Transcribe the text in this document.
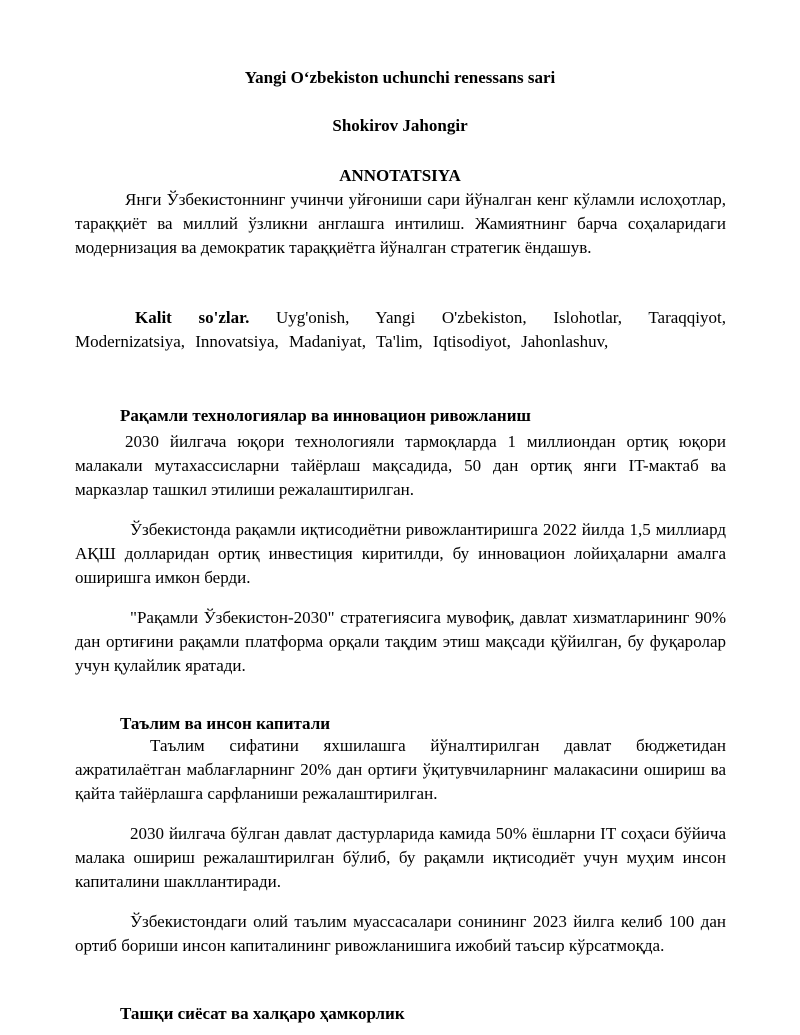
Yangi O‘zbekiston uchunchi renessans sari
Shokirov Jahongir
ANNOTATSIYA
Янги Ўзбекистоннинг учинчи уйғониши сари йўналган кенг кўламли ислоҳотлар, тараққиёт ва миллий ўзликни англашга интилиш. Жамиятнинг барча соҳаларидаги модернизация ва демократик тараққиётга йўналган стратегик ёндашув.
Kalit so'zlar. Uyg'onish, Yangi O'zbekiston, Islohotlar, Taraqqiyot, Modernizatsiya, Innovatsiya, Madaniyat, Ta'lim, Iqtisodiyot, Jahonlashuv,
Рақамли технологиялар ва инновацион ривожланиш
2030 йилгача юқори технологияли тармоқларда 1 миллиондан ортиқ юқори малакали мутахассисларни тайёрлаш мақсадида, 50 дан ортиқ янги IT-мактаб ва марказлар ташкил этилиши режалаштирилган.
Ўзбекистонда рақамли иқтисодиётни ривожлантиришга 2022 йилда 1,5 миллиард АҚШ долларидан ортиқ инвестиция киритилди, бу инновацион лойиҳаларни амалга оширишга имкон берди.
"Рақамли Ўзбекистон-2030" стратегиясига мувофиқ, давлат хизматларининг 90% дан ортиғини рақамли платформа орқали тақдим этиш мақсади қўйилган, бу фуқаролар учун қулайлик яратади.
Таълим ва инсон капитали
Таълим сифатини яхшилашга йўналтирилган давлат бюджетидан ажратилаётган маблағларнинг 20% дан ортиғи ўқитувчиларнинг малакасини ошириш ва қайта тайёрлашга сарфланиши режалаштирилган.
2030 йилгача бўлган давлат дастурларида камида 50% ёшларни IT соҳаси бўйича малака ошириш режалаштирилган бўлиб, бу рақамли иқтисодиёт учун муҳим инсон капиталини шакллантиради.
Ўзбекистондаги олий таълим муассасалари сонининг 2023 йилга келиб 100 дан ортиб бориши инсон капиталининг ривожланишига ижобий таъсир кўрсатмоқда.
Ташқи сиёсат ва халқаро ҳамкорлик
